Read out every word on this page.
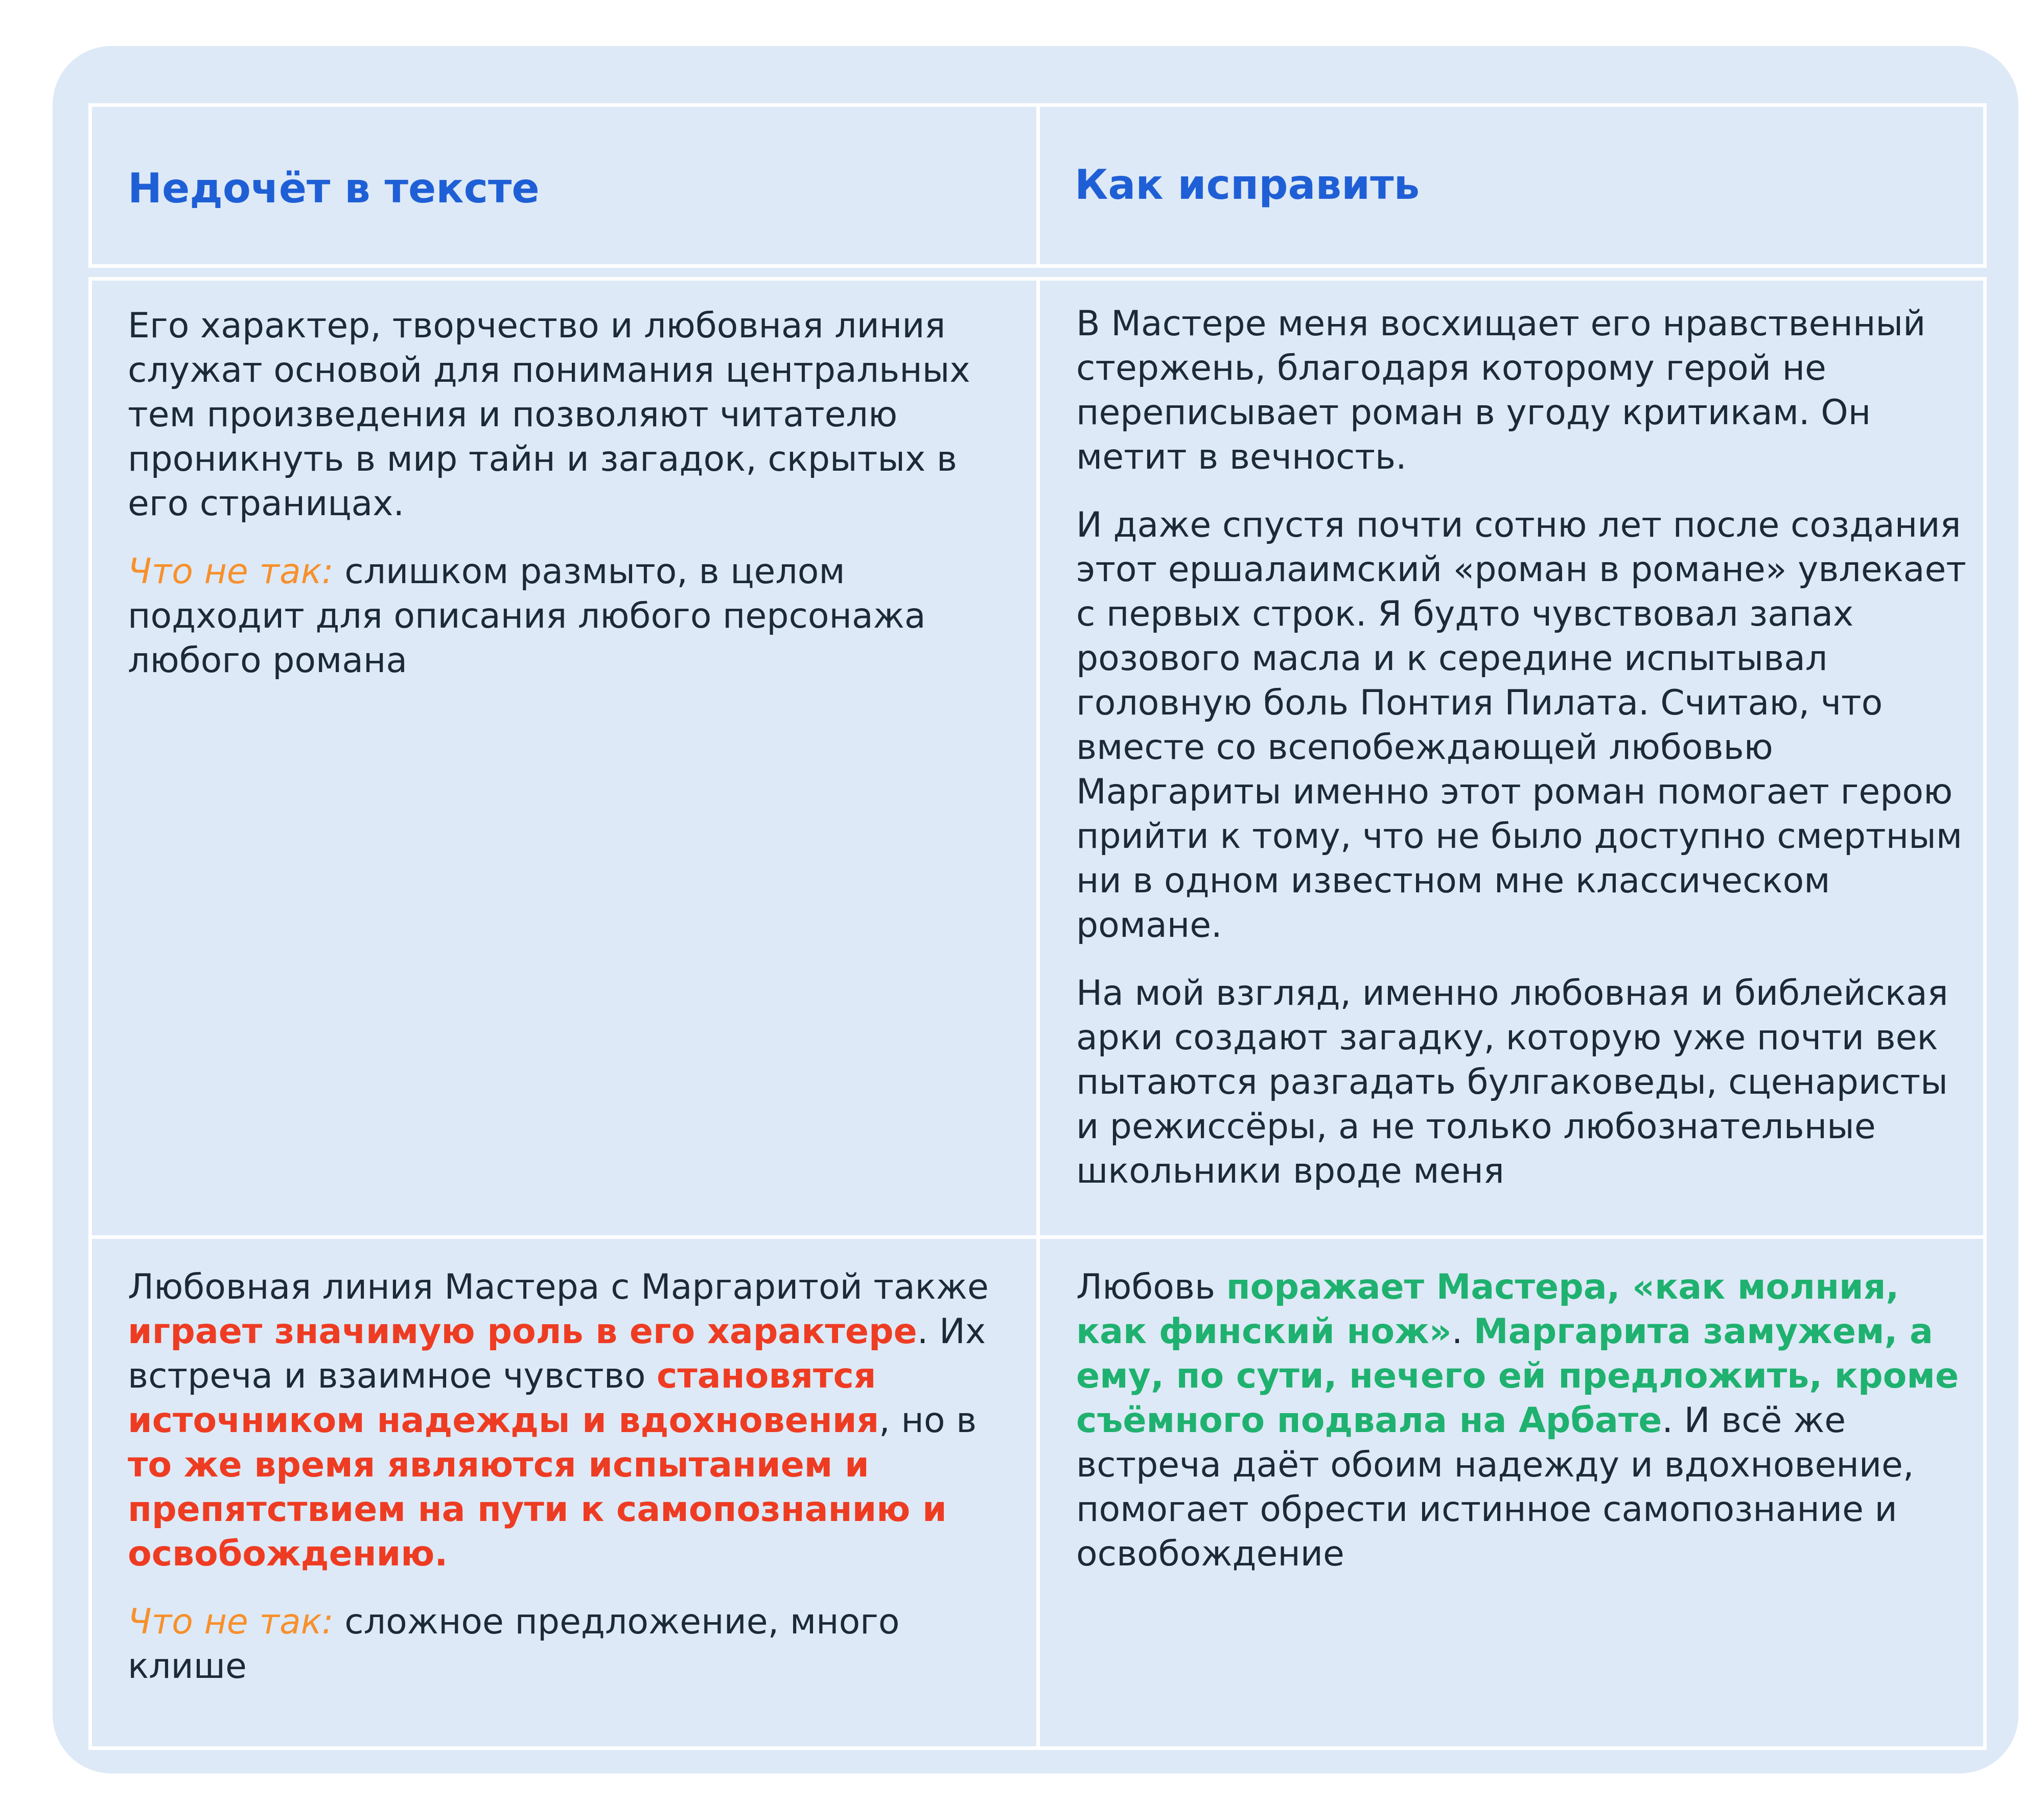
Недочёт в тексте	Как исправить

Его характер, творчество и любовная линия служат основой для понимания центральных тем произведения и позволяют читателю проникнуть в мир тайн и загадок, скрытых в его страницах.

Что не так: слишком размыто, в целом подходит для описания любого персонажа любого романа

В Мастере меня восхищает его нравственный стержень, благодаря которому герой не переписывает роман в угоду критикам. Он метит в вечность.

И даже спустя почти сотню лет после создания этот ершалаимский «роман в романе» увлекает с первых строк. Я будто чувствовал запах розового масла и к середине испытывал головную боль Понтия Пилата. Считаю, что вместе со всепобеждающей любовью Маргариты именно этот роман помогает герою прийти к тому, что не было доступно смертным ни в одном известном мне классическом романе.

На мой взгляд, именно любовная и библейская арки создают загадку, которую уже почти век пытаются разгадать булгаковеды, сценаристы и режиссёры, а не только любознательные школьники вроде меня

Любовная линия Мастера с Маргаритой также играет значимую роль в его характере. Их встреча и взаимное чувство становятся источником надежды и вдохновения, но в то же время являются испытанием и препятствием на пути к самопознанию и освобождению.

Что не так: сложное предложение, много клише

Любовь поражает Мастера, «как молния, как финский нож». Маргарита замужем, а ему, по сути, нечего ей предложить, кроме съёмного подвала на Арбате. И всё же встреча даёт обоим надежду и вдохновение, помогает обрести истинное самопознание и освобождение
